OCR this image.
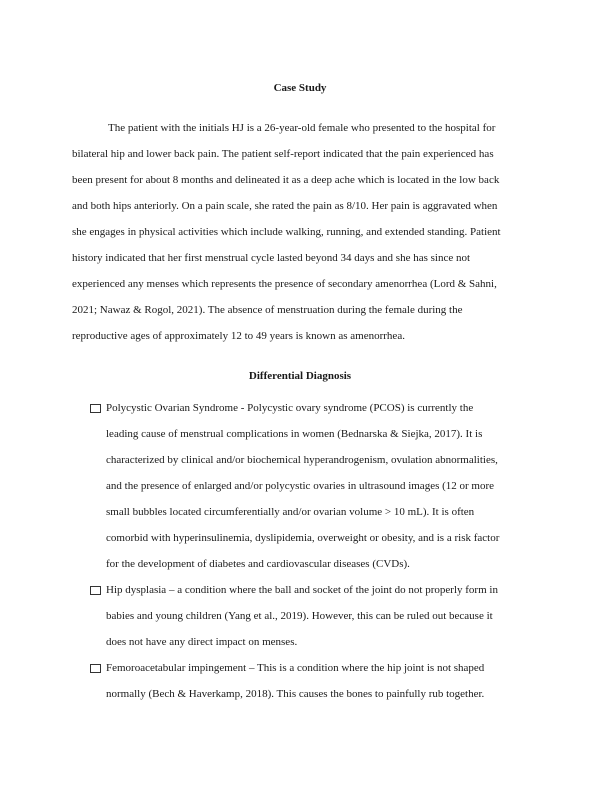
Case Study
The patient with the initials HJ is a 26-year-old female who presented to the hospital for
bilateral hip and lower back pain. The patient self-report indicated that the pain experienced has
been present for about 8 months and delineated it as a deep ache which is located in the low back
and both hips anteriorly. On a pain scale, she rated the pain as 8/10. Her pain is aggravated when
she engages in physical activities which include walking, running, and extended standing. Patient
history indicated that her first menstrual cycle lasted beyond 34 days and she has since not
experienced any menses which represents the presence of secondary amenorrhea (Lord & Sahni,
2021; Nawaz & Rogol, 2021). The absence of menstruation during the female during the
reproductive ages of approximately 12 to 49 years is known as amenorrhea.
Differential Diagnosis
Polycystic Ovarian Syndrome - Polycystic ovary syndrome (PCOS) is currently the
leading cause of menstrual complications in women (Bednarska & Siejka, 2017). It is
characterized by clinical and/or biochemical hyperandrogenism, ovulation abnormalities,
and the presence of enlarged and/or polycystic ovaries in ultrasound images (12 or more
small bubbles located circumferentially and/or ovarian volume > 10 mL). It is often
comorbid with hyperinsulinemia, dyslipidemia, overweight or obesity, and is a risk factor
for the development of diabetes and cardiovascular diseases (CVDs).
Hip dysplasia – a condition where the ball and socket of the joint do not properly form in
babies and young children (Yang et al., 2019). However, this can be ruled out because it
does not have any direct impact on menses.
Femoroacetabular impingement – This is a condition where the hip joint is not shaped
normally (Bech & Haverkamp, 2018). This causes the bones to painfully rub together.
